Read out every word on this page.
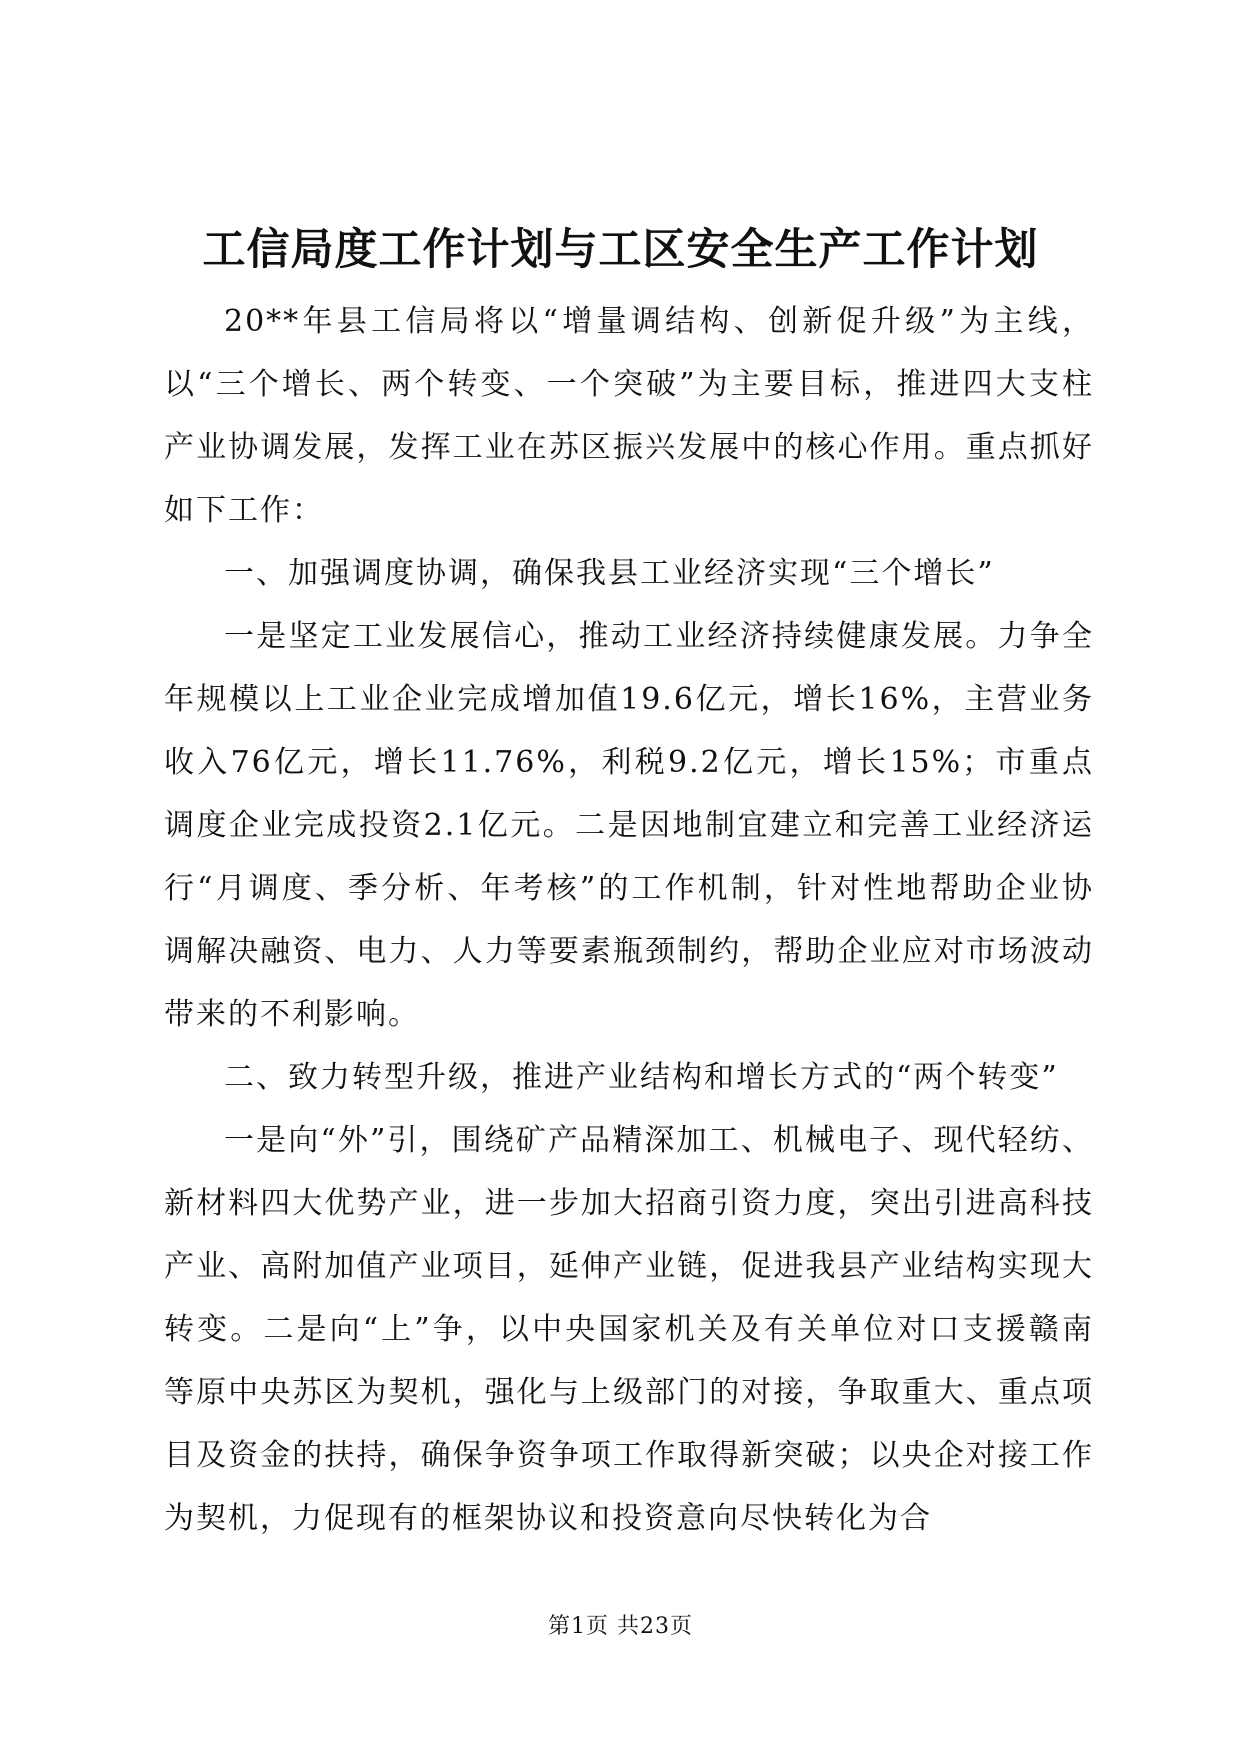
工信局度工作计划与工区安全生产工作计划

20**年县工信局将以“增量调结构、创新促升级”为主线，以“三个增长、两个转变、一个突破”为主要目标，推进四大支柱产业协调发展，发挥工业在苏区振兴发展中的核心作用。重点抓好如下工作：

一、加强调度协调，确保我县工业经济实现“三个增长”

一是坚定工业发展信心，推动工业经济持续健康发展。力争全年规模以上工业企业完成增加值19.6亿元，增长16%，主营业务收入76亿元，增长11.76%，利税9.2亿元，增长15%；市重点调度企业完成投资2.1亿元。二是因地制宜建立和完善工业经济运行“月调度、季分析、年考核”的工作机制，针对性地帮助企业协调解决融资、电力、人力等要素瓶颈制约，帮助企业应对市场波动带来的不利影响。

二、致力转型升级，推进产业结构和增长方式的“两个转变”

一是向“外”引，围绕矿产品精深加工、机械电子、现代轻纺、新材料四大优势产业，进一步加大招商引资力度，突出引进高科技产业、高附加值产业项目，延伸产业链，促进我县产业结构实现大转变。二是向“上”争，以中央国家机关及有关单位对口支援赣南等原中央苏区为契机，强化与上级部门的对接，争取重大、重点项目及资金的扶持，确保争资争项工作取得新突破；以央企对接工作为契机，力促现有的框架协议和投资意向尽快转化为合

第1页 共23页
